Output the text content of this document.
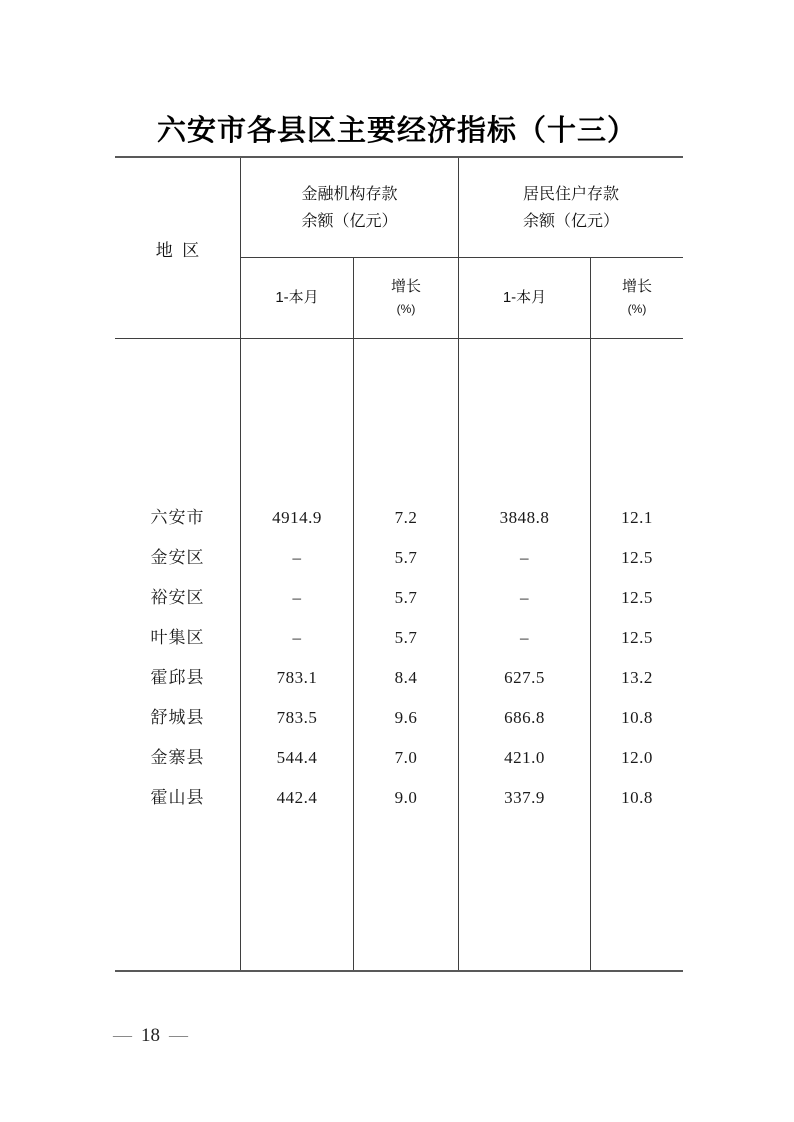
六安市各县区主要经济指标（十三）
地  区
金融机构存款
余额（亿元）
居民住户存款
余额（亿元）
1-本月
增长
(%)
1-本月
增长
(%)
六安市
金安区
裕安区
叶集区
霍邱县
舒城县
金寨县
霍山县
4914.9
–
–
–
783.1
783.5
544.4
442.4
7.2
5.7
5.7
5.7
8.4
9.6
7.0
9.0
3848.8
–
–
–
627.5
686.8
421.0
337.9
12.1
12.5
12.5
12.5
13.2
10.8
12.0
10.8
— 18 —
